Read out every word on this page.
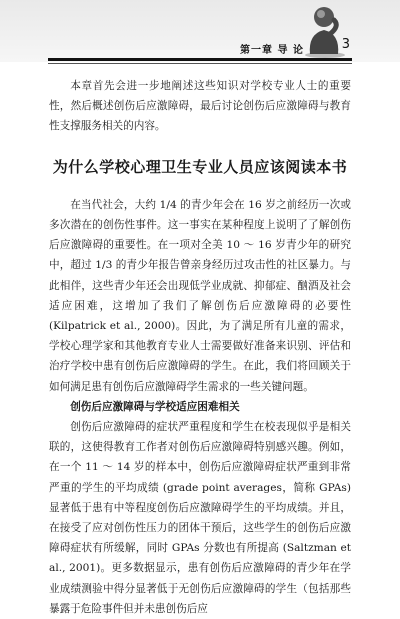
第一章 导 论	3

本章首先会进一步地阐述这些知识对学校专业人士的重要性，然后概述创伤后应激障碍，最后讨论创伤后应激障碍与教育性支撑服务相关的内容。

为什么学校心理卫生专业人员应该阅读本书

在当代社会，大约 1/4 的青少年会在 16 岁之前经历一次或多次潜在的创伤性事件。这一事实在某种程度上说明了了解创伤后应激障碍的重要性。在一项对全美 10 ～ 16 岁青少年的研究中，超过 1/3 的青少年报告曾亲身经历过攻击性的社区暴力。与此相伴，这些青少年还会出现低学业成就、抑郁症、酗酒及社会适应困难，这增加了我们了解创伤后应激障碍的必要性 (Kilpatrick et al., 2000)。因此，为了满足所有儿童的需求，学校心理学家和其他教育专业人士需要做好准备来识别、评估和治疗学校中患有创伤后应激障碍的学生。在此，我们将回顾关于如何满足患有创伤后应激障碍学生需求的一些关键问题。

创伤后应激障碍与学校适应困难相关

创伤后应激障碍的症状严重程度和学生在校表现似乎是相关联的，这使得教育工作者对创伤后应激障碍特别感兴趣。例如，在一个 11 ～ 14 岁的样本中，创伤后应激障碍症状严重到非常严重的学生的平均成绩 (grade point averages，简称 GPAs) 显著低于患有中等程度创伤后应激障碍学生的平均成绩。并且，在接受了应对创伤性压力的团体干预后，这些学生的创伤后应激障碍症状有所缓解，同时 GPAs 分数也有所提高 (Saltzman et al., 2001)。更多数据显示，患有创伤后应激障碍的青少年在学业成绩测验中得分显著低于无创伤后应激障碍的学生（包括那些暴露于危险事件但并未患创伤后应
